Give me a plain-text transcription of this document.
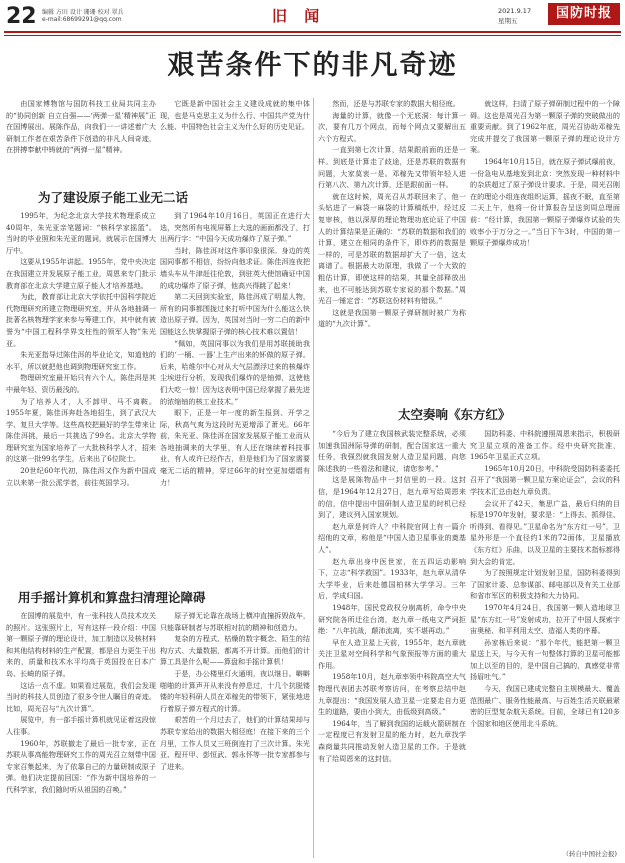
22 编辑 方田 设计 珊珊 校对 翠兵
e-mail:68699291@qq.com	旧 闻	2021.9.17
星期五	国防时报
艰苦条件下的非凡奇迹

由国家博物馆与国防科技工业局共同主办的“协同创新 自立自强——‘两弹一星’精神展”正在国博展出。展陈作品，向我们一一讲述着广大研制工作者在艰苦条件下创造的非凡人间奇迹，在拼搏奉献中铸就的“两弹一星”精神。

它既是新中国社会主义建设成就的集中体现，也是马克思主义为什么行、中国共产党为什么能、中国特色社会主义为什么好的历史见证。

为了建设原子能工业无二话

1995年，为纪念北京大学技术物理系成立40周年，朱光亚亲笔题词：“核科学家摇篮”。当时的毕业照和朱光亚的题词，就展示在国博大厅中。

这要从1955年讲起。1955年，党中央决定在我国建立并发展原子能工业，周恩来专门批示教育部在北京大学建立原子能人才培养基地。

为此，教育部让北京大学依托中国科学院近代物理研究所建立物理研究室，并从各地抽调一批著名核物理学家来参与筹建工作，其中就有被誉为“中国工程科学界支柱性的领军人物”朱光亚。

朱光亚指导过陈佳洱的毕业论文，知道他的水平，所以就把他也调到物理研究室工作。

物理研究室最开始只有六个人，陈佳洱是其中最年轻、资历最浅的。

为了培养人才，人不卸甲、马不离鞍。1955年夏，陈佳洱奔赴各地招生，到了武汉大学、复旦大学等。这些高校把最好的学生带来让陈佳洱挑，最后一共挑选了99名。北京大学物理研究室为国家培养了一大批核科学人才，招来的这第一批99名学生，后来出了6位院士。

20世纪60年代初，陈佳洱又作为新中国成立以来第一批公派学者，前往英国学习。

到了1964年10月16日，英国正在进行大选，突然所有电视屏幕上大选的画面都没了，打出两行字：“中国今天成功爆炸了原子弹。”

当时，陈佳洱对这件事印象很深。身边的英国同事都不相信，纷纷向他求证。陈佳洱连夜把墙头车从牛津赶往伦敦，到驻英大使馆确证中国的成功爆炸了原子弹，他高兴得跳了起来！

第二天回到实验室，陈佳洱成了明星人物，所有的同事都围拢过来打听中国为什么能这么快造出原子弹。因为，英国对当时一穷二白的新中国能这么快掌握原子弹的核心技术难以置信！

“佩如，英国同事以为我们是用苏联援助我们的‘一桶、一器’上生产出来的钚做的原子弹。后来，哈维尔中心对从大气层漂浮过来的核爆炸尘埃进行分析，发现我们爆炸的是铀弹，这使他们大吃一惊！因为这表明中国已经掌握了最先进的浓缩铀的核工业技术。”

眼下，正是一年一度的新生报到、开学之际，秋高气爽为这段时光更增添了萧光。66年前，朱光亚、陈佳洱在国家发展原子能工业而从各地抽调来的大学里，有人还在继续着科技事业，有人或许已经作古，但是他们为了国家需要毫无二话的精神，穿过66年的时空更加熠熠有力！

用手摇计算机和算盘扫清理论障碍

在国博的展览中，有一张科技人员技术攻关的照片。这张照片上，写有这样一段介绍：中国第一颗原子弹的理论设计，加工制造以及核材料和其他结构材料的生产配置，都是自力更生干出来的，质量和技术水平均高于英国投在日本广岛、长崎的原子弹。

这话一点不虚。如果看过展览，我们会发现当时的科技人员创造了很多令世人瞩目的奇迹。比如，周光召与“九次计算”。

展览中，有一部手摇计算机就见证着这段惊人往事。

1960年，苏联撤走了最后一批专家，正在苏联从事高能物理研究工作的周光召立刻带中国专家召集起来，为了依靠自己的力量研制成原子弹。他们决定提前回国：“作为新中国培养的一代科学家，我们随时听从祖国的召唤。”

原子弹无论靠在战场上横冲直撞拆毁战车，只能靠研制者与苏联相对抗的精神和创造力。

复杂的方程式、枯燥的数字概念、陌生的结构方式、大量数据，都离不开计算。而他们的计算工具是什么呢——算盘和手摇计算机！

于是，办公楼里灯火通明，夜以继日。噼噼啪啪的计算声开从来没有停息过，十几个抗脱镂镂的年轻科研人员在邓稼先的带领下，紧张地进行着原子弹方程式的计算。

艰苦的一个月过去了，他们的计算结果却与苏联专家给出的数据大相径庭！在接下来的三个月里，工作人员又三班倒连打了三次计算。朱光亚、程开甲、彭恒武、郭永怀等一批专家都参与了进来。

然而，还是与苏联专家的数据大相径庭。

海量的计算，就像一个无底洞：每计算一次，要有几万个网点，而每个网点又要解出五六个方程式。

一直到第七次计算，结果跟前面的还是一样。到底是计算走了歧途，还是苏联的数据有问题，大家莫衷一是。邓稼先又带领年轻人进行第八次、第九次计算，还是跟前面一样。

就在这时候，周光召从苏联回来了，他一头钻进了一麻袋一麻袋的计算稿纸中，经过反复审核，他以深厚的理论物理功底论证了中国人的计算结果是正确的：“苏联的数据和我们的计算，建立在相同的条件下，即炸药的数据是一样的，可是苏联的数据却扩大了一倍，这太离谱了。根据最大功原理，我做了一个大致的粗估计算，即使这样的结果，其量全部释放出来，也不可能达到苏联专家说的那个数据。”周光召一锤定音：“苏联这份材料有错误。”

这就是我国第一颗原子弹研制时被广为称道的“九次计算”。

就这样，扫清了原子弹研制过程中的一个障碍。这也是周光召为第一颗原子弹的突破做出的重要贡献。到了1962年底，周光召协助邓稼先完成并提交了我国第一颗原子弹的理论设计方案。

1964年10月15日，就在原子弹试爆前夜，一份急电从基地发到北京：突然发现一种材料中的杂质超过了原子弹设计要求。于是，周光召刚在的理论小组连夜组织运算，摇夜不眠，直至第二天上午，他将一份计算报告呈送到周总理面前：“经计算，我国第一颗原子弹爆炸试验的失败率小于万分之一。”当日下午3时，中国的第一颗原子弹爆炸成功！

太空奏响《东方红》

“今后为了建立我国核武装完整系统，必须加速我国洲际导弹的研制，配合国家这一重大任务，我强烈就我国发射人造卫星问题，向您陈述我的一些看法和建议，请您参考。”

这是展陈物品中一封信里的一段。这封信，是1964年12月27日，赵九章写给周恩来的信，信中提出中国研制人造卫星的时机已经到了，建议列入国家规划。

赵九章是何许人？中科院官网上有一篇介绍他的文章，称他是“中国人造卫星事业的奠基人”。

赵九章出身中医世家，在五四运动影响下，立志“科学救国”。1933年，赵九章从清华大学毕业，后来赴德国柏林大学学习。三年后，学成归国。

1948年，国民党政权分崩离析，命令中央研究院各所迁往台湾，赵九章一纸电文严词拒绝：“八年抗战，颠沛流离，实不堪再动。”

早在人造卫星上天前，1955年，赵九章就关注卫星对空间科学和气象预报等方面的重大作用。

1958年10月，赵九章率领中科院高空大气物理代表团去苏联考察访问，在考察总结中赵九章提出：“我国发展人造卫星一定要走自力更生的道路，要由小到大，由低级到高级。”

1964年，当了解到我国的运载火箭研制在一定程度已有发射卫星的能力时，赵九章找学森商量共同推动发射人造卫星的工作。于是就有了给周恩来的这封信。

国防科委、中科院遵照周恩来指示，积极研究卫星立项的准备工作。经中央研究批准，1965年卫星正式立项。

1965年10月20日，中科院受国防科委委托召开了“我国第一颗卫星方案论证会”，会议的科学技术汇总由赵九章负责。

会议开了42天，集思广益，最后归纳的目标是1970年发射，要求是：“上得去、抓得住、听得到、看得见。”卫星命名为“东方红一号”，卫星外形是一个直径约1米的72面体，卫星播放《东方红》乐曲，以及卫星的主要技术指标都得到大会的肯定。

为了按照规定计划发射卫星，国防科委得到了国家计委、总参谋部、邮电部以及有关工业部和省市军区的积极支持和大力协同。

1970年4月24日，我国第一颗人造地球卫星“东方红一号”发射成功，拉开了中国人探索宇宙奥秘、和平利用太空、造福人类的序幕。

孙家栋后来说：“那个年代，能把第一颗卫星送上天，与今天有一句整体打算的卫星可能都加上以至的目的，是中国自己搞的，真感觉非常扬眉吐气。”

今天，我国已建成完整自主规模最大、覆盖范围最广、服务性能最高、与百姓生活关联最紧密的巨型复杂航天系统。目前，全球已有120多个国家和地区使用北斗系统。

（转自中国社会报)
